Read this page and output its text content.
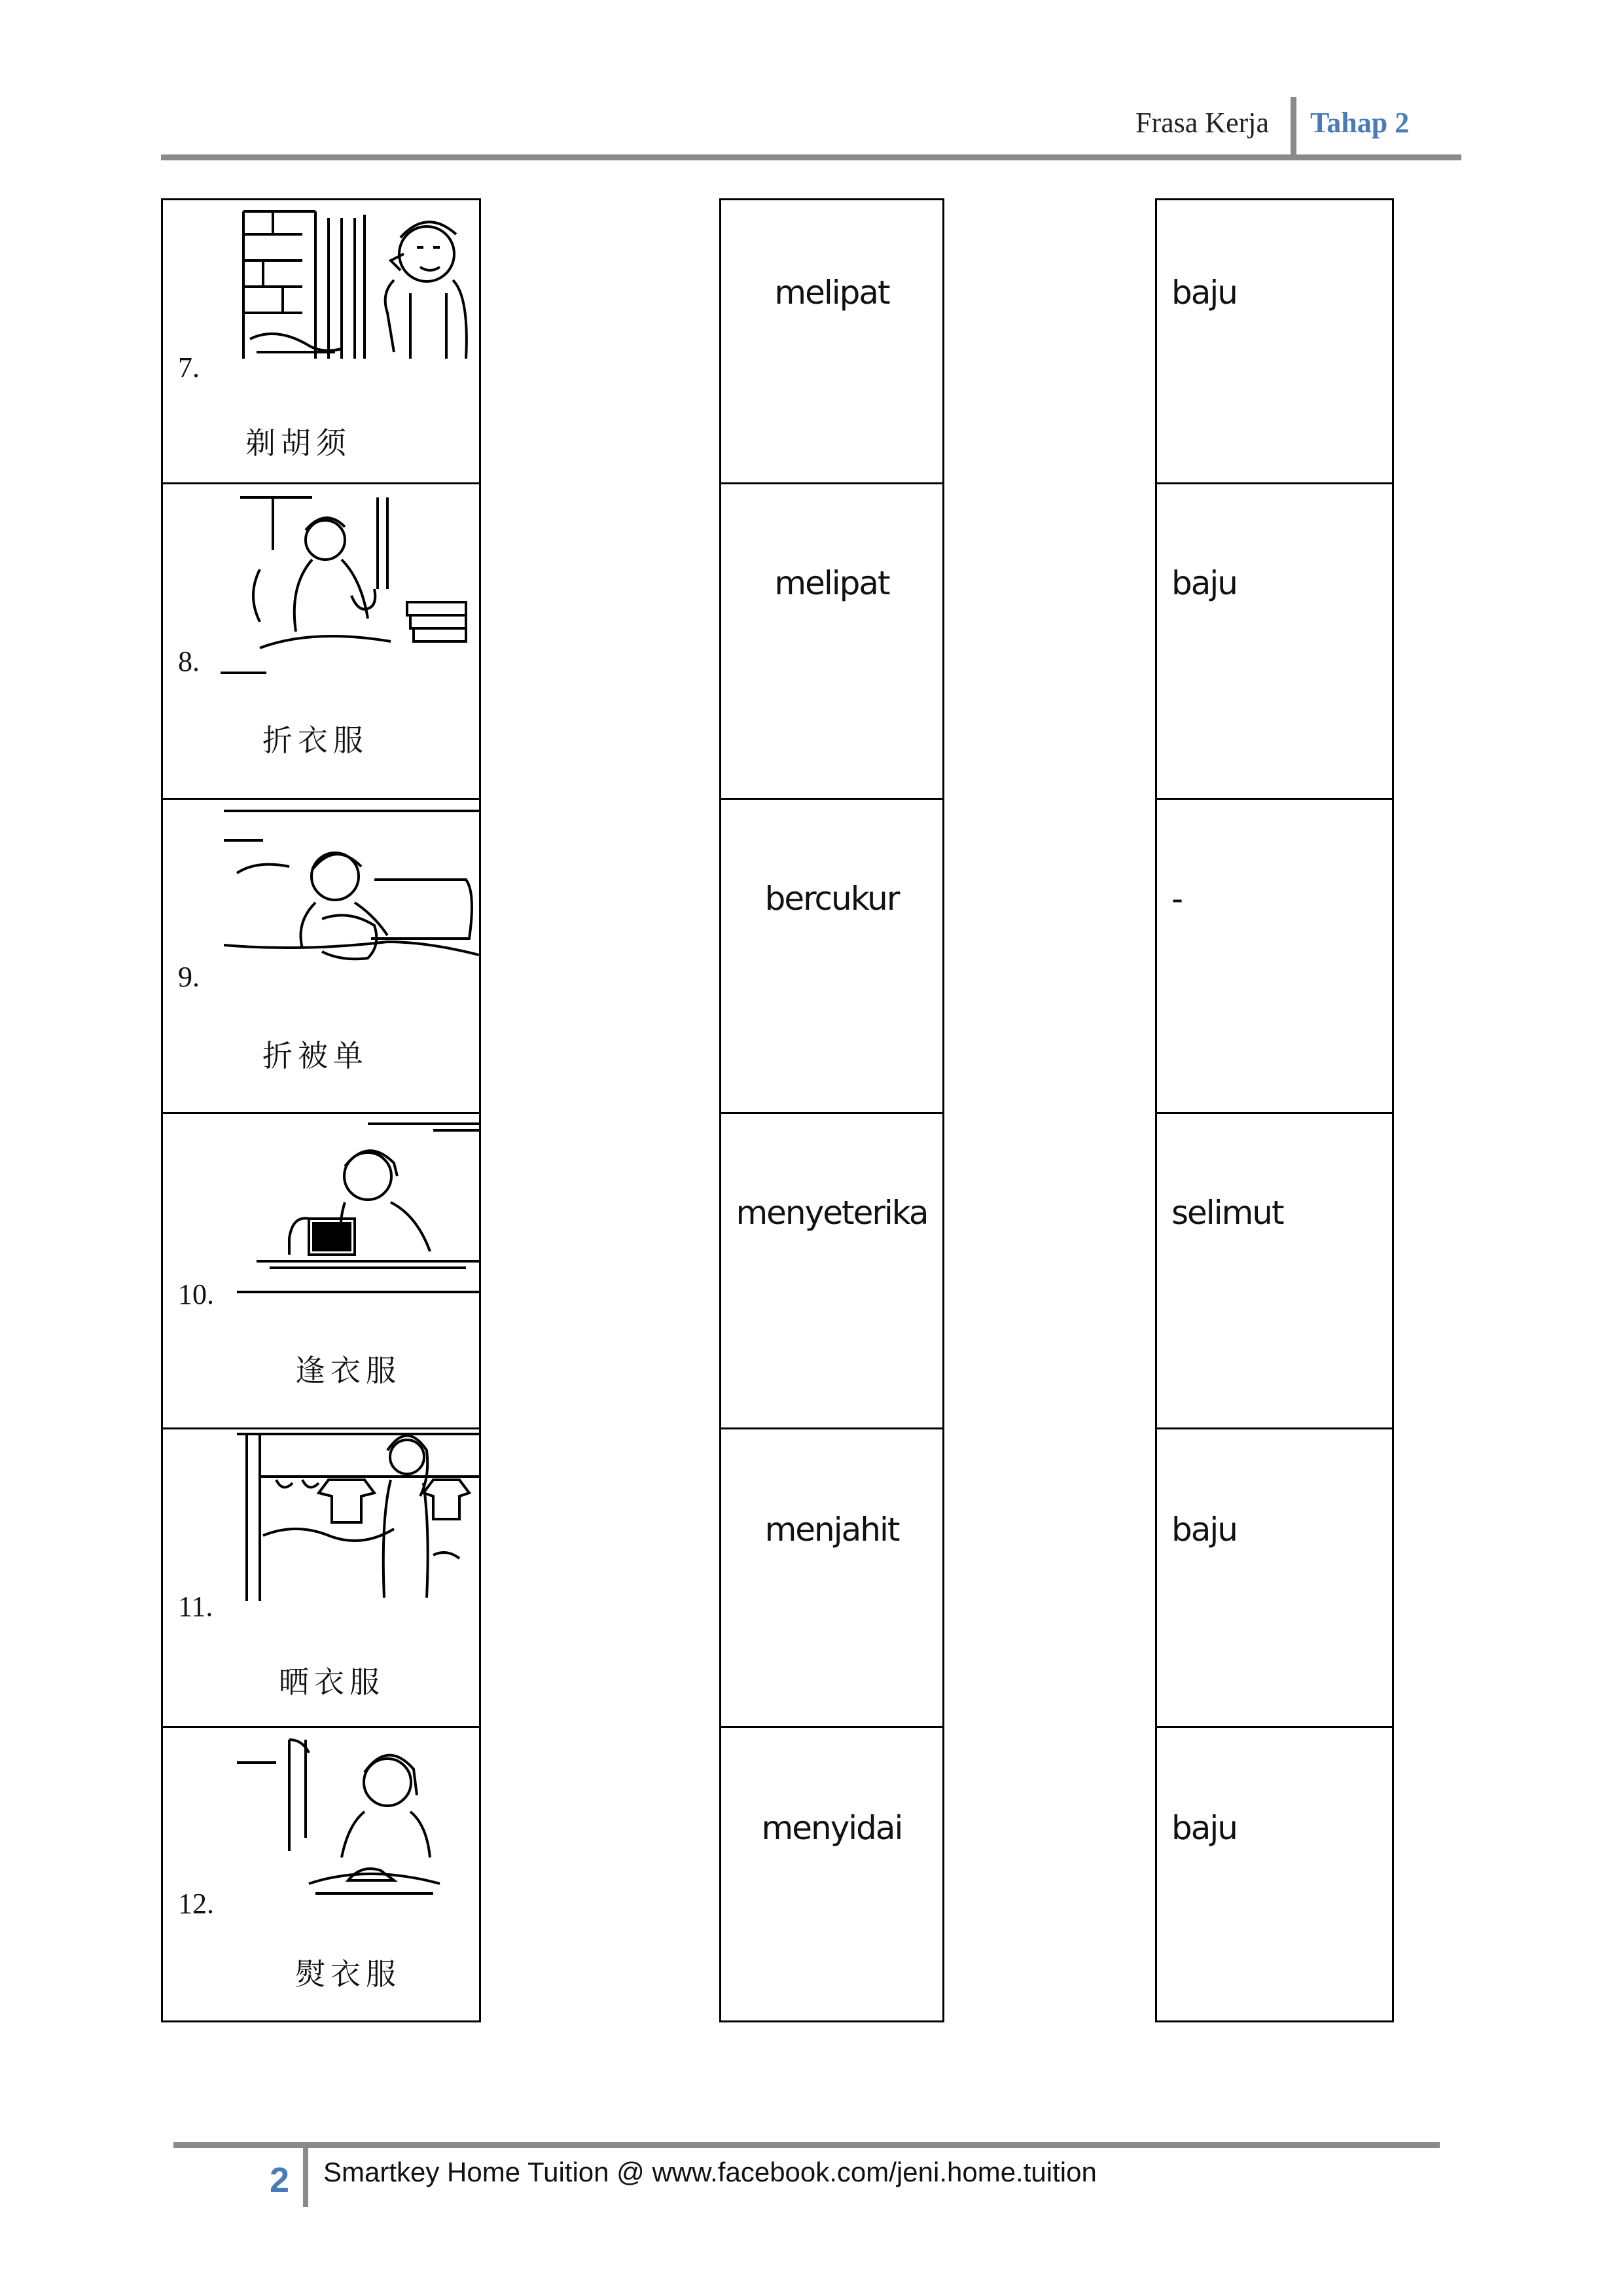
Frasa Kerja Tahap 2
7.
剃胡须
8.
折衣服
9.
折被单
10.
逢衣服
11.
晒衣服
12.
熨衣服
melipat
melipat
bercukur
menyeterika
menjahit
menyidai
baju
baju
-
selimut
baju
baju
2 Smartkey Home Tuition @ www.facebook.com/jeni.home.tuition
